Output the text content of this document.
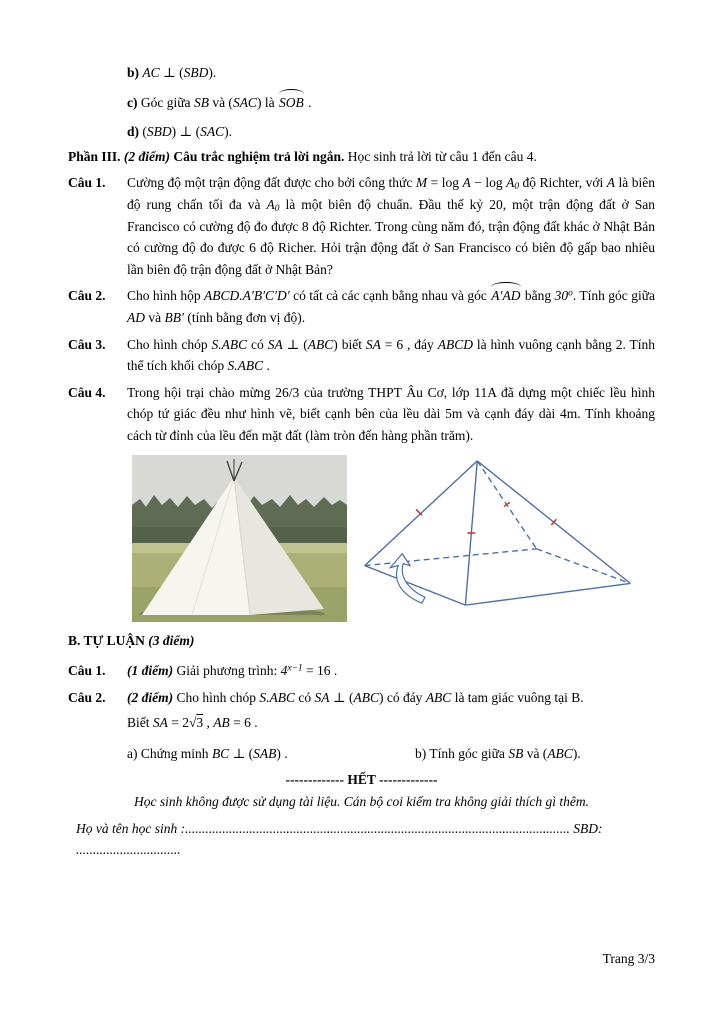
b) AC ⊥ (SBD).

c) Góc giữa SB và (SAC) là SOB .

d) (SBD) ⊥ (SAC).

Phần III. (2 điểm) Câu trắc nghiệm trả lời ngắn. Học sinh trả lời từ câu 1 đến câu 4.

Câu 1.	Cường độ một trận động đất được cho bởi công thức M = log A − log A0 độ Richter, với A là biên độ rung chấn tối đa và A0 là một biên độ chuẩn. Đầu thế kỷ 20, một trận động đất ở San Francisco có cường độ đo được 8 độ Richter. Trong cùng năm đó, trận động đất khác ở Nhật Bản có cường độ đo được 6 độ Richer. Hỏi trận động đất ở San Francisco có biên độ gấp bao nhiêu lần biên độ trận động đất ở Nhật Bản?
Câu 2.	Cho hình hộp ABCD.A′B′C′D′ có tất cả các cạnh bằng nhau và góc A′AD bằng 30$^o$. Tính góc giữa AD và BB′ (tính bằng đơn vị độ).
Câu 3.	Cho hình chóp S.ABC có SA ⊥ (ABC) biết SA = 6 , đáy ABCD là hình vuông cạnh bằng 2. Tính thể tích khối chóp S.ABC .
Câu 4.	Trong hội trại chào mừng 26/3 của trường THPT Âu Cơ, lớp 11A đã dựng một chiếc lều hình chóp tứ giác đều như hình vẽ, biết cạnh bên của lều dài 5m và cạnh đáy dài 4m. Tính khoảng cách từ đỉnh của lều đến mặt đất (làm tròn đến hàng phần trăm).

B. TỰ LUẬN (3 điểm)

Câu 1.	(1 điểm) Giải phương trình: $4^{x-1} = 16$ .
Câu 2.	(2 điểm) Cho hình chóp S.ABC có SA ⊥ (ABC) có đáy ABC là tam giác vuông tại B.

Biết SA = 2√3 , AB = 6 .

a) Chứng minh BC ⊥ (SAB) .	b) Tính góc giữa SB và (ABC).

------------- HẾT -------------

Học sinh không được sử dụng tài liệu. Cán bộ coi kiểm tra không giải thích gì thêm.

Họ và tên học sinh :.................................................................................................................. SBD: ...............................

Trang 3/3
